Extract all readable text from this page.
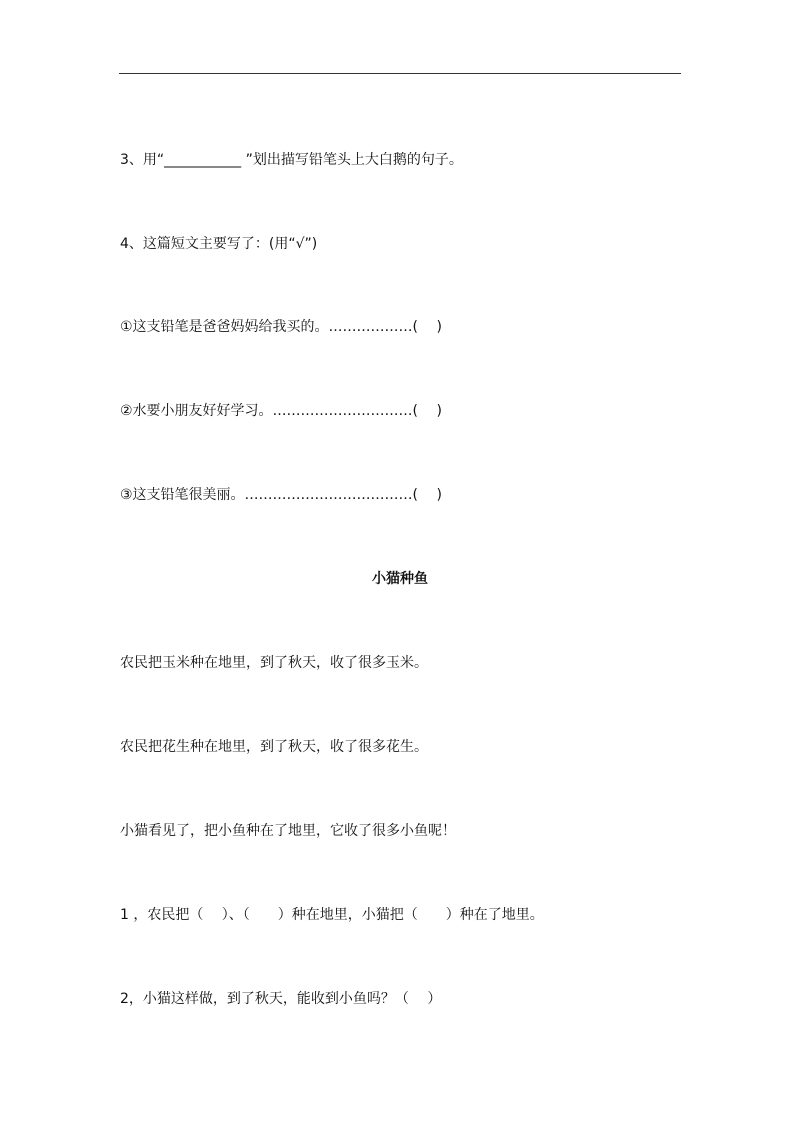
3、用“___________ ”划出描写铅笔头上大白鹅的句子。
4、这篇短文主要写了：(用“√”)
①这支铅笔是爸爸妈妈给我买的。………………(　 )
②水要小朋友好好学习。…………………………(　 )
③这支铅笔很美丽。………………………………(　 )
小猫种鱼
农民把玉米种在地里，到了秋天，收了很多玉米。
农民把花生种在地里，到了秋天，收了很多花生。
小猫看见了，把小鱼种在了地里，它收了很多小鱼呢！
1 ，农民把（　 ）、（　　）种在地里，小猫把（　　）种在了地里。
2，小猫这样做，到了秋天，能收到小鱼吗？（　 ）
